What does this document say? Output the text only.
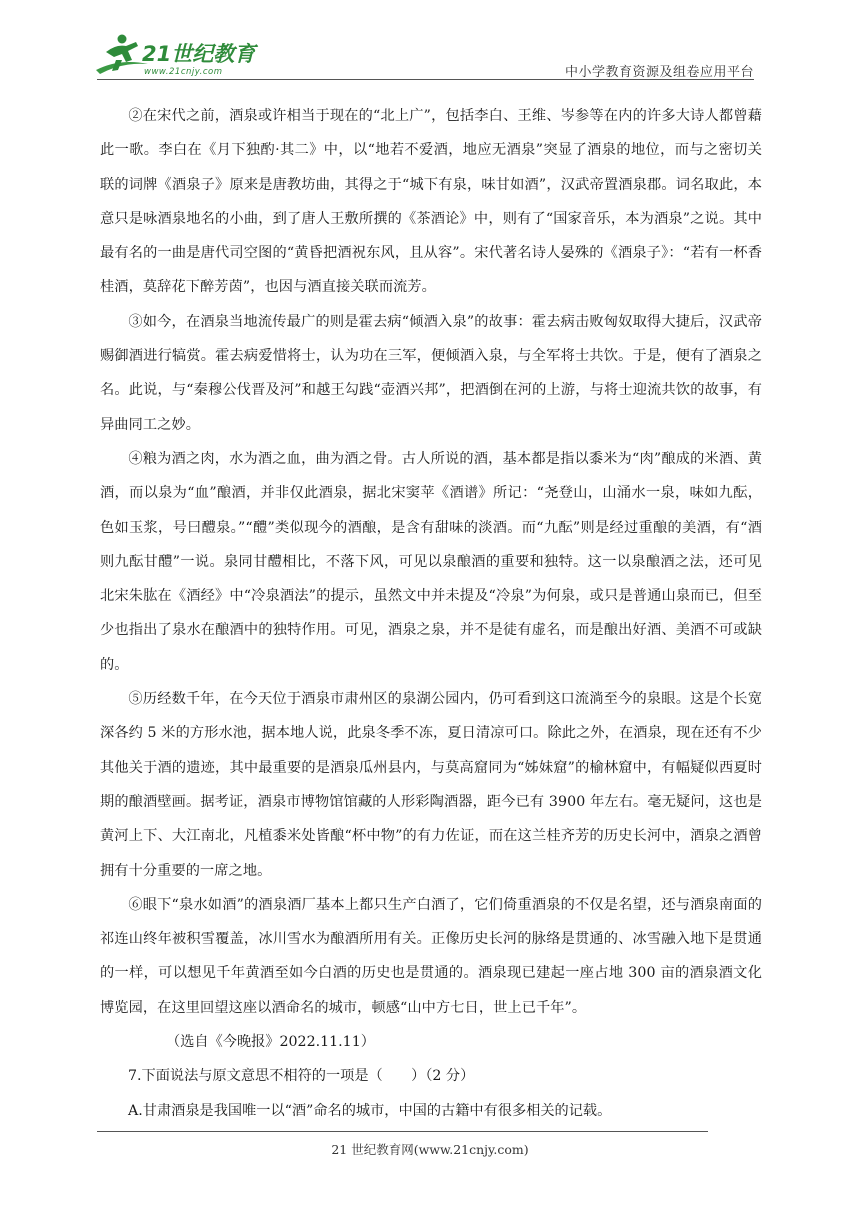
21世纪教育
www.21cnjy.com	中小学教育资源及组卷应用平台

②在宋代之前，酒泉或许相当于现在的“北上广”，包括李白、王维、岑参等在内的许多大诗人都曾藉此一歌。李白在《月下独酌·其二》中，以“地若不爱酒，地应无酒泉”突显了酒泉的地位，而与之密切关联的词牌《酒泉子》原来是唐教坊曲，其得之于“城下有泉，味甘如酒”，汉武帝置酒泉郡。词名取此，本意只是咏酒泉地名的小曲，到了唐人王敷所撰的《茶酒论》中，则有了“国家音乐，本为酒泉”之说。其中最有名的一曲是唐代司空图的“黄昏把酒祝东风，且从容”。宋代著名诗人晏殊的《酒泉子》：“若有一杯香桂酒，莫辞花下醉芳茵”，也因与酒直接关联而流芳。

③如今，在酒泉当地流传最广的则是霍去病“倾酒入泉”的故事：霍去病击败匈奴取得大捷后，汉武帝赐御酒进行犒赏。霍去病爱惜将士，认为功在三军，便倾酒入泉，与全军将士共饮。于是，便有了酒泉之名。此说，与“秦穆公伐晋及河”和越王勾践“壶酒兴邦”，把酒倒在河的上游，与将士迎流共饮的故事，有异曲同工之妙。

④粮为酒之肉，水为酒之血，曲为酒之骨。古人所说的酒，基本都是指以黍米为“肉”酿成的米酒、黄酒，而以泉为“血”酿酒，并非仅此酒泉，据北宋窦苹《酒谱》所记：“尧登山，山涌水一泉，味如九酝，色如玉浆，号曰醴泉。”“醴”类似现今的酒酿，是含有甜味的淡酒。而“九酝”则是经过重酿的美酒，有“酒则九酝甘醴”一说。泉同甘醴相比，不落下风，可见以泉酿酒的重要和独特。这一以泉酿酒之法，还可见北宋朱肱在《酒经》中“冷泉酒法”的提示，虽然文中并未提及“冷泉”为何泉，或只是普通山泉而已，但至少也指出了泉水在酿酒中的独特作用。可见，酒泉之泉，并不是徒有虚名，而是酿出好酒、美酒不可或缺的。

⑤历经数千年，在今天位于酒泉市肃州区的泉湖公园内，仍可看到这口流淌至今的泉眼。这是个长宽深各约 5 米的方形水池，据本地人说，此泉冬季不冻，夏日清凉可口。除此之外，在酒泉，现在还有不少其他关于酒的遗迹，其中最重要的是酒泉瓜州县内，与莫高窟同为“姊妹窟”的榆林窟中，有幅疑似西夏时期的酿酒壁画。据考证，酒泉市博物馆馆藏的人形彩陶酒器，距今已有 3900 年左右。毫无疑问，这也是黄河上下、大江南北，凡植黍米处皆酿“杯中物”的有力佐证，而在这兰桂齐芳的历史长河中，酒泉之酒曾拥有十分重要的一席之地。

⑥眼下“泉水如酒”的酒泉酒厂基本上都只生产白酒了，它们倚重酒泉的不仅是名望，还与酒泉南面的祁连山终年被积雪覆盖，冰川雪水为酿酒所用有关。正像历史长河的脉络是贯通的、冰雪融入地下是贯通的一样，可以想见千年黄酒至如今白酒的历史也是贯通的。酒泉现已建起一座占地 300 亩的酒泉酒文化博览园，在这里回望这座以酒命名的城市，顿感“山中方七日，世上已千年”。

（选自《今晚报》2022.11.11）

7.下面说法与原文意思不相符的一项是（　　）（2 分）

A.甘肃酒泉是我国唯一以“酒”命名的城市，中国的古籍中有很多相关的记载。

21 世纪教育网(www.21cnjy.com)
